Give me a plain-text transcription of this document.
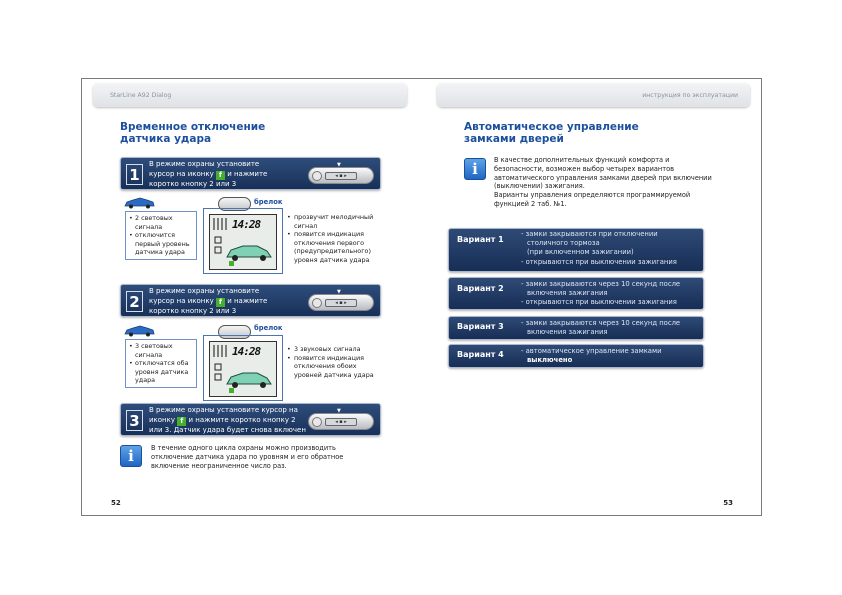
StarLine A92 Dialog
Временное отключение
датчика удара
1
В режиме охраны установите
курсор на иконку f и нажмите
коротко кнопку 2 или 3
▼
◂ ▪ ▸
• 2 световых сигнала
• отключится первый уровень датчика удара
брелок
14:28
• прозвучит мелодичный сигнал
• появится индикация отключения первого (предупредительного) уровня датчика удара
2
В режиме охраны установите
курсор на иконку f и нажмите
коротко кнопку 2 или 3
▼
◂ ▪ ▸
• 3 световых сигнала
• отключатся оба уровня датчика удара
брелок
14:28
•	3 звуковых сигнала
• появится индикация отключения обоих уровней датчика удара
3
В режиме охраны установите курсор на
иконку f и нажмите коротко кнопку 2
или 3. Датчик удара будет снова включен
▼
◂ ▪ ▸
i	В течение одного цикла охраны можно производить
отключение датчика удара по уровням и его обратное
включение неограниченное число раз.
52
инструкция по эксплуатации
Автоматическое управление
замками дверей
i	В качестве дополнительных функций комфорта и
безопасности, возможен выбор четырех вариантов
автоматического управления замками дверей при включении
(выключении) зажигания.
Варианты управления определяются программируемой
функцией 2 таб. №1.
Вариант 1
- замки закрываются при отключении
столичного тормоза
(при включенном зажигании)
- открываются при выключении зажигания
Вариант 2	- замки закрываются через 10 секунд после
включения зажигания
- открываются при выключении зажигания
Вариант 3	- замки закрываются через 10 секунд после
включения зажигания
Вариант 4	- автоматическое управление замками
выключено
53
